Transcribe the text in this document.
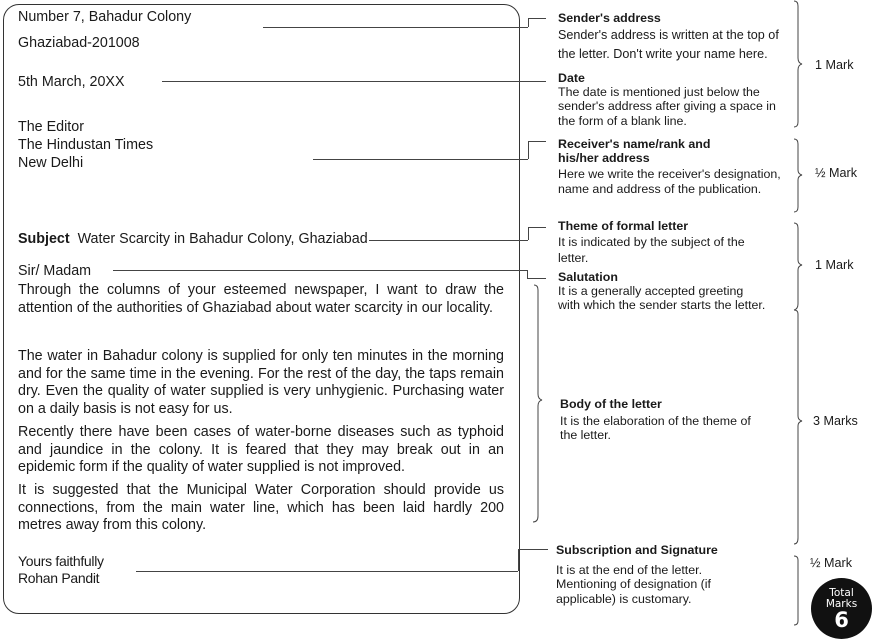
Number 7, Bahadur Colony
Ghaziabad-201008
5th March, 20XX
The Editor
The Hindustan Times
New Delhi
Subject Water Scarcity in Bahadur Colony, Ghaziabad
Sir/ Madam
Through the columns of your esteemed newspaper, I want to draw the attention of the authorities of Ghaziabad about water scarcity in our locality.
The water in Bahadur colony is supplied for only ten minutes in the morning and for the same time in the evening. For the rest of the day, the taps remain dry. Even the quality of water supplied is very unhygienic. Purchasing water on a daily basis is not easy for us.
Recently there have been cases of water-borne diseases such as typhoid and jaundice in the colony. It is feared that they may break out in an epidemic form if the quality of water supplied is not improved.
It is suggested that the Municipal Water Corporation should provide us connections, from the main water line, which has been laid hardly 200 metres away from this colony.
Yours faithfully
Rohan Pandit
Sender's address
Sender's address is written at the top of the letter. Don't write your name here.
Date
The date is mentioned just below the sender's address after giving a space in the form of a blank line.
Receiver's name/rank and his/her address
Here we write the receiver's designation, name and address of the publication.
Theme of formal letter
It is indicated by the subject of the letter.
Salutation
It is a generally accepted greeting with which the sender starts the letter.
Body of the letter
It is the elaboration of the theme of the letter.
Subscription and Signature
It is at the end of the letter. Mentioning of designation (if applicable) is customary.
1 Mark
½ Mark
1 Mark
3 Marks
½ Mark
Total
Marks
6
